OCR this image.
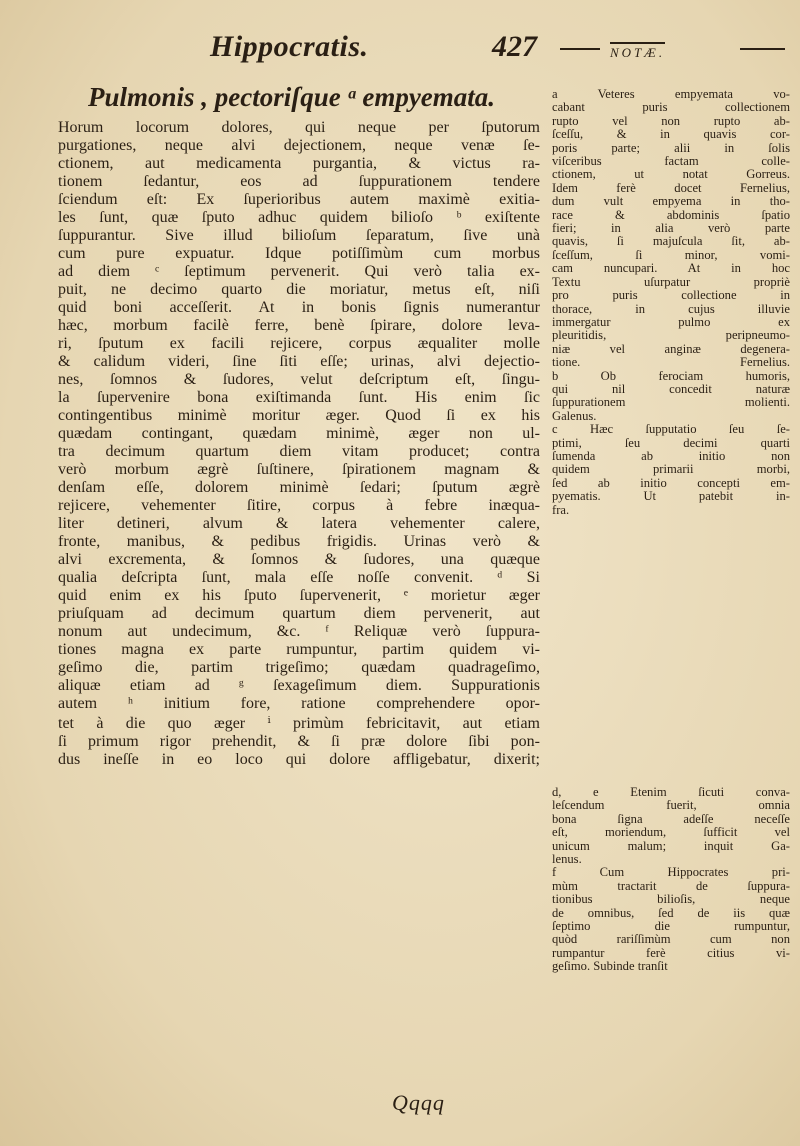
Hippocratis.	427	NOTÆ.
Pulmonis , pectoriſque ᵃ empyemata.
Horum locorum dolores, qui neque per ſputorum
purgationes, neque alvi dejectionem, neque venæ ſe-
ctionem, aut medicamenta purgantia, & victus ra-
tionem ſedantur, eos ad ſuppurationem tendere
ſciendum eſt: Ex ſuperioribus autem maximè exitia-
les ſunt, quæ ſputo adhuc quidem bilioſo ᵇ exiſtente
ſuppurantur. Sive illud bilioſum ſeparatum, ſive unà
cum pure expuatur. Idque potiſſimùm cum morbus
ad diem ᶜ ſeptimum pervenerit. Qui verò talia ex-
puit, ne decimo quarto die moriatur, metus eſt, niſi
quid boni acceſſerit. At in bonis ſignis numerantur
hæc, morbum facilè ferre, benè ſpirare, dolore leva-
ri, ſputum ex facili rejicere, corpus æqualiter molle
& calidum videri, ſine ſiti eſſe; urinas, alvi dejectio-
nes, ſomnos & ſudores, velut deſcriptum eſt, ſingu-
la ſupervenire bona exiſtimanda ſunt. His enim ſic
contingentibus minimè moritur æger. Quod ſi ex his
quædam contingant, quædam minimè, æger non ul-
tra decimum quartum diem vitam producet; contra
verò morbum ægrè ſuſtinere, ſpirationem magnam &
denſam eſſe, dolorem minimè ſedari; ſputum ægrè
rejicere, vehementer ſitire, corpus à febre inæqua-
liter detineri, alvum & latera vehementer calere,
fronte, manibus, & pedibus frigidis. Urinas verò &
alvi excrementa, & ſomnos & ſudores, una quæque
qualia deſcripta ſunt, mala eſſe noſſe convenit. ᵈ Si
quid enim ex his ſputo ſupervenerit, ᵉ morietur æger
priuſquam ad decimum quartum diem pervenerit, aut
nonum aut undecimum, &c. ᶠ Reliquæ verò ſuppura-
tiones magna ex parte rumpuntur, partim quidem vi-
geſimo die, partim trigeſimo; quædam quadrageſimo,
aliquæ etiam ad ᵍ ſexageſimum diem. Suppurationis
autem ʰ initium fore, ratione comprehendere opor-
tet à die quo æger ⁱ primùm febricitavit, aut etiam
ſi primum rigor prehendit, & ſi præ dolore ſibi pon-
dus ineſſe in eo loco qui dolore affligebatur, dixerit;
a Veteres empyemata vo-
cabant puris collectionem
rupto vel non rupto ab-
ſceſſu, & in quavis cor-
poris parte; alii in ſolis
viſceribus factam colle-
ctionem, ut notat Gorreus.
Idem ferè docet Fernelius,
dum vult empyema in tho-
race & abdominis ſpatio
fieri; in alia verò parte
quavis, ſi majuſcula ſit, ab-
ſceſſum, ſi minor, vomi-
cam nuncupari. At in hoc
Textu uſurpatur propriè
pro puris collectione in
thorace, in cujus illuvie
immergatur pulmo ex
pleuritidis, peripneumo-
niæ vel anginæ degenera-
tione. Fernelius.
b Ob ferociam humoris,
qui nil concedit naturæ
ſuppurationem molienti.
Galenus.
c Hæc ſupputatio ſeu ſe-
ptimi, ſeu decimi quarti
ſumenda ab initio non
quidem primarii morbi,
ſed ab initio concepti em-
pyematis. Ut patebit in-
fra.
d, e Etenim ſicuti conva-
leſcendum fuerit, omnia
bona ſigna adeſſe neceſſe
eſt, moriendum, ſufficit vel
unicum malum; inquit Ga-
lenus.
f Cum Hippocrates pri-
mùm tractarit de ſuppura-
tionibus bilioſis, neque
de omnibus, ſed de iis quæ
ſeptimo die rumpuntur,
quòd rariſſimùm cum non
rumpantur ferè citius vi-
geſimo. Subinde tranſit
Qqqq
